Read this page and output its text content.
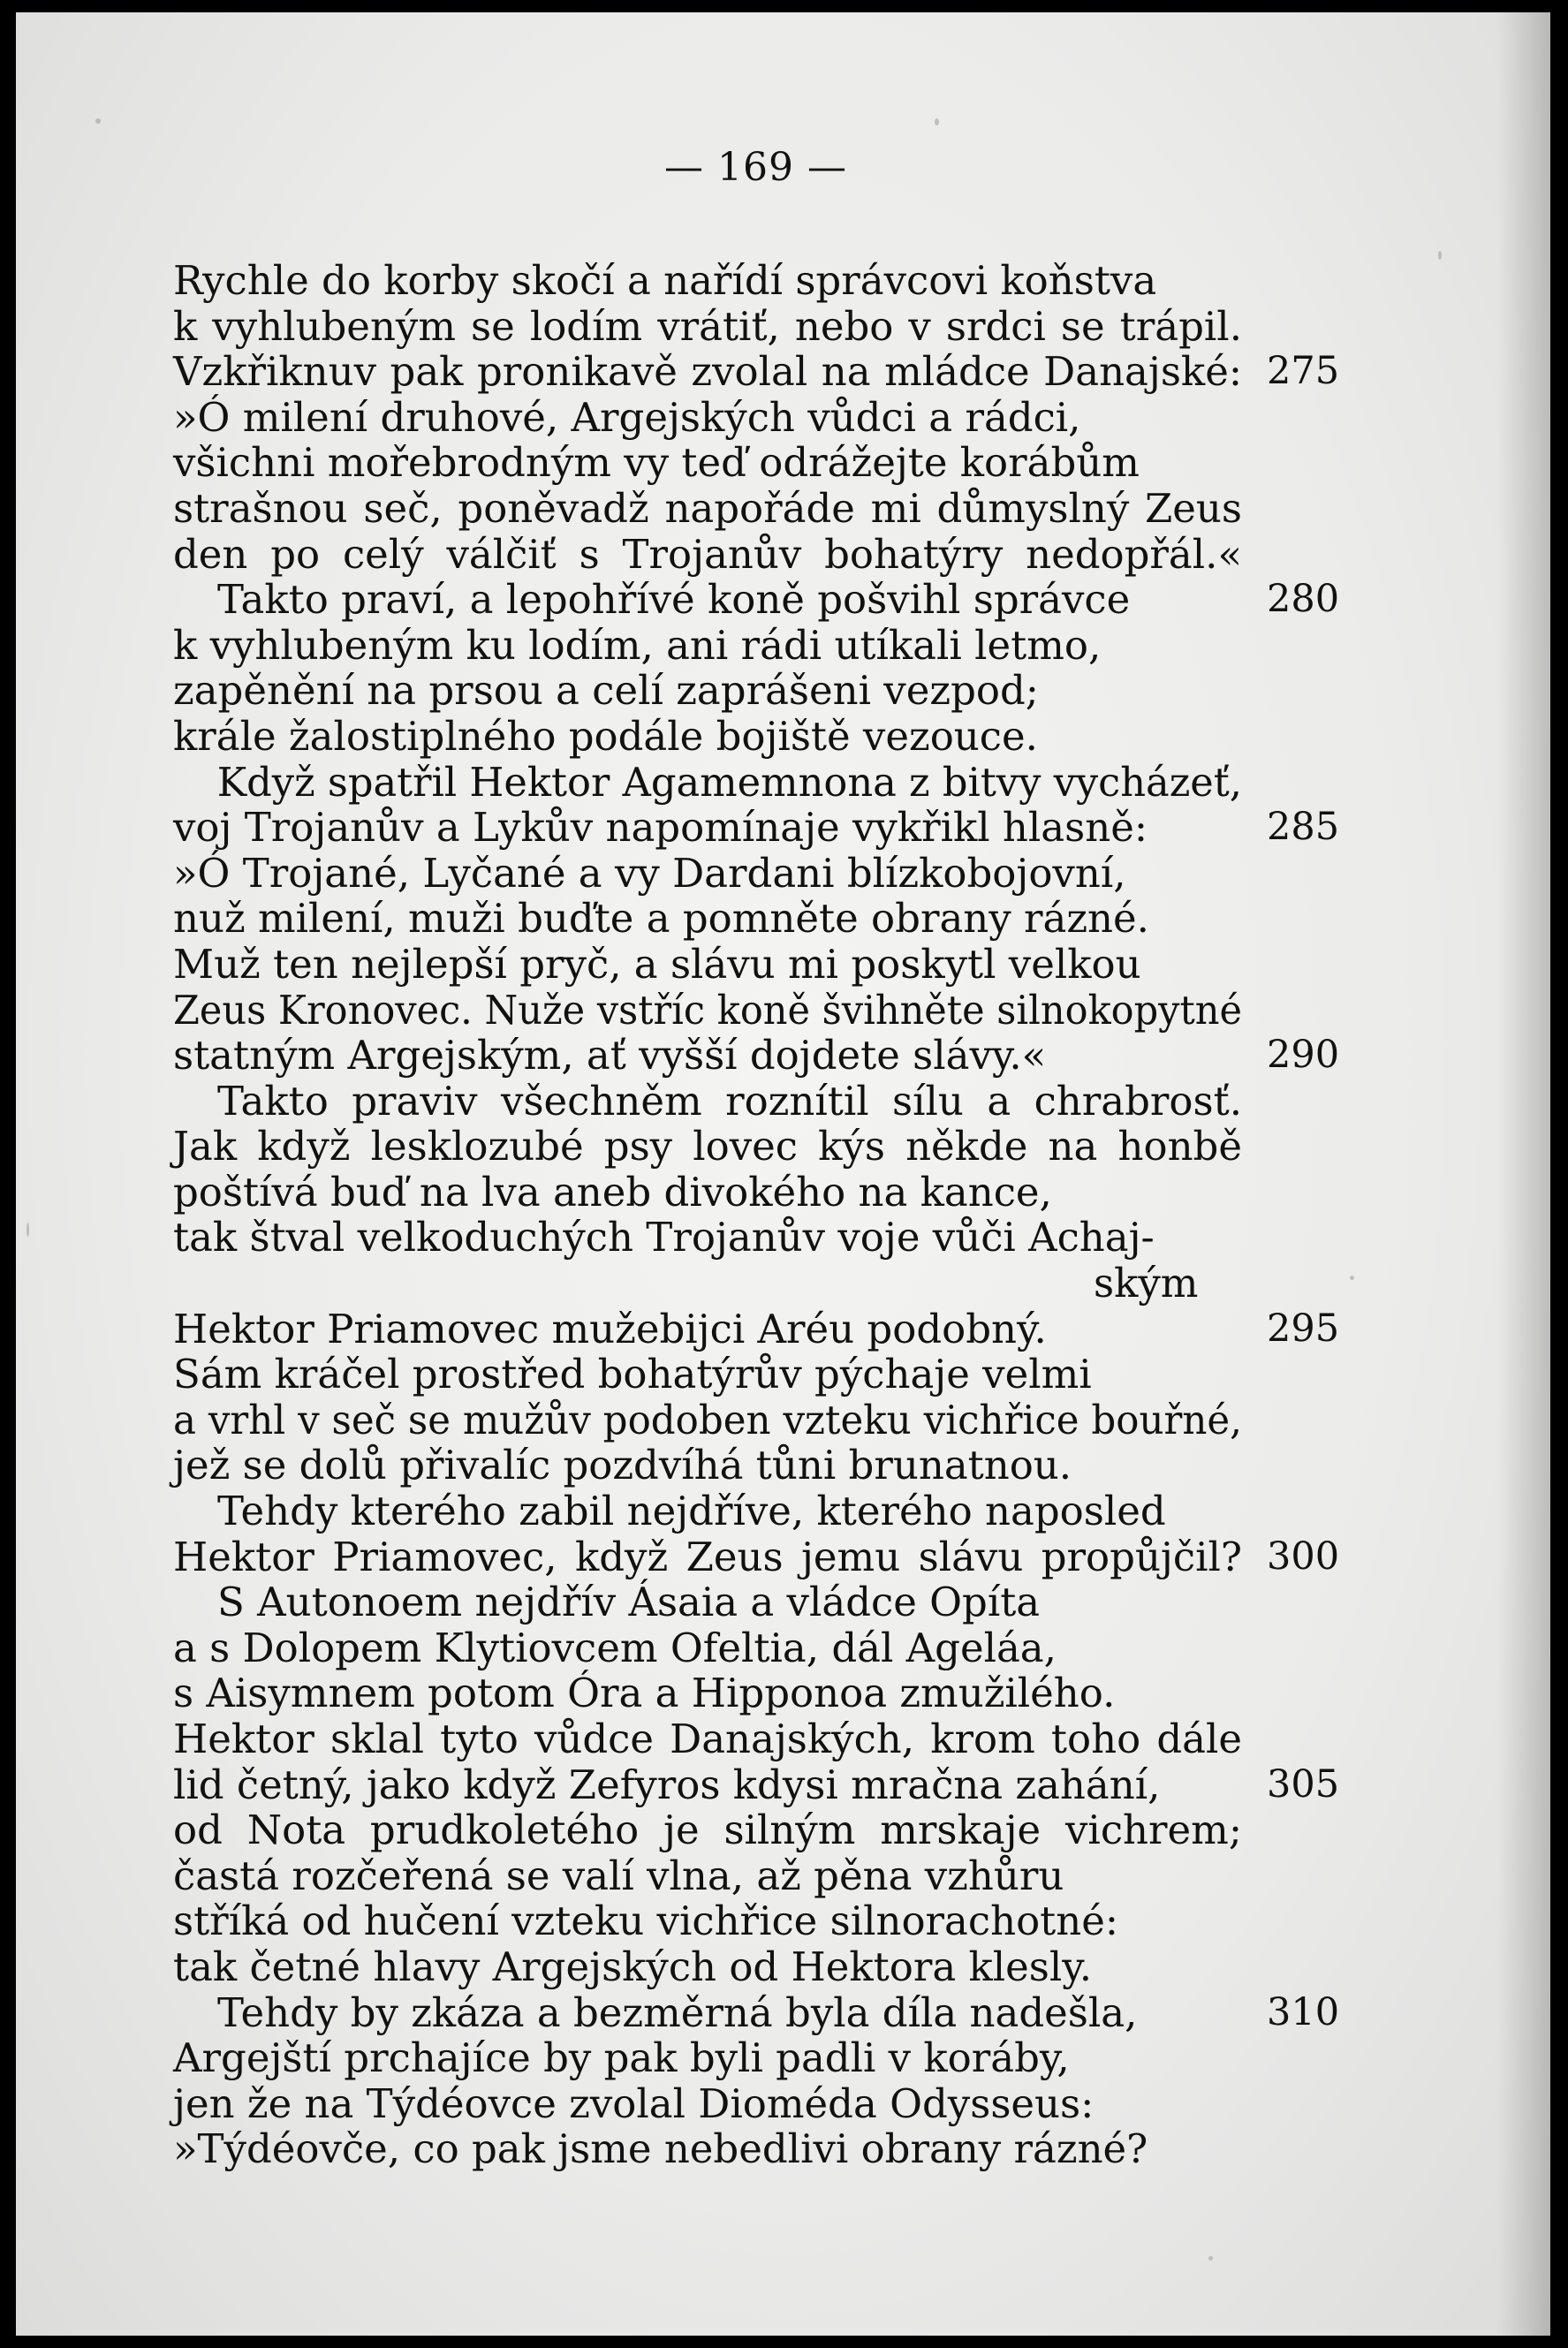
— 169 —
Rychle do korby skočí a nařídí správcovi koňstva
k vyhlubeným se lodím vrátiť, nebo v srdci se trápil.
Vzkřiknuv pak pronikavě zvolal na mládce Danajské: 275
»Ó milení druhové, Argejských vůdci a rádci,
všichni mořebrodným vy teď odrážejte korábům
strašnou seč, poněvadž napořáde mi důmyslný Zeus
den po celý válčiť s Trojanův bohatýry nedopřál.«
Takto praví, a lepohřívé koně pošvihl správce	280
k vyhlubeným ku lodím, ani rádi utíkali letmo,
zapěnění na prsou a celí zaprášeni vezpod;
krále žalostiplného podále bojiště vezouce.
Když spatřil Hektor Agamemnona z bitvy vycházeť,
voj Trojanův a Lykův napomínaje vykřikl hlasně:	285
»Ó Trojané, Lyčané a vy Dardani blízkobojovní,
nuž milení, muži buďte a pomněte obrany rázné.
Muž ten nejlepší pryč, a slávu mi poskytl velkou
Zeus Kronovec. Nuže vstříc koně švihněte silnokopytné
statným Argejským, ať vyšší dojdete slávy.«	290
Takto praviv všechněm roznítil sílu a chrabrosť.
Jak když lesklozubé psy lovec kýs někde na honbě
poštívá buď na lva aneb divokého na kance,
tak štval velkoduchých Trojanův voje vůči Achaj-
ským
Hektor Priamovec mužebijci Aréu podobný.	295
Sám kráčel prostřed bohatýrův pýchaje velmi
a vrhl v seč se mužův podoben vzteku vichřice bouřné,
jež se dolů přivalíc pozdvíhá tůni brunatnou.
Tehdy kterého zabil nejdříve, kterého naposled
Hektor Priamovec, když Zeus jemu slávu propůjčil? 300
S Autonoem nejdřív Ásaia a vládce Opíta
a s Dolopem Klytiovcem Ofeltia, dál Ageláa,
s Aisymnem potom Óra a Hipponoa zmužilého.
Hektor sklal tyto vůdce Danajských, krom toho dále
lid četný, jako když Zefyros kdysi mračna zahání,	305
od Nota prudkoletého je silným mrskaje vichrem;
častá rozčeřená se valí vlna, až pěna vzhůru
stříká od hučení vzteku vichřice silnorachotné:
tak četné hlavy Argejských od Hektora klesly.
Tehdy by zkáza a bezměrná byla díla nadešla,	310
Argejští prchajíce by pak byli padli v koráby,
jen že na Týdéovce zvolal Dioméda Odysseus:
»Týdéovče, co pak jsme nebedlivi obrany rázné?
